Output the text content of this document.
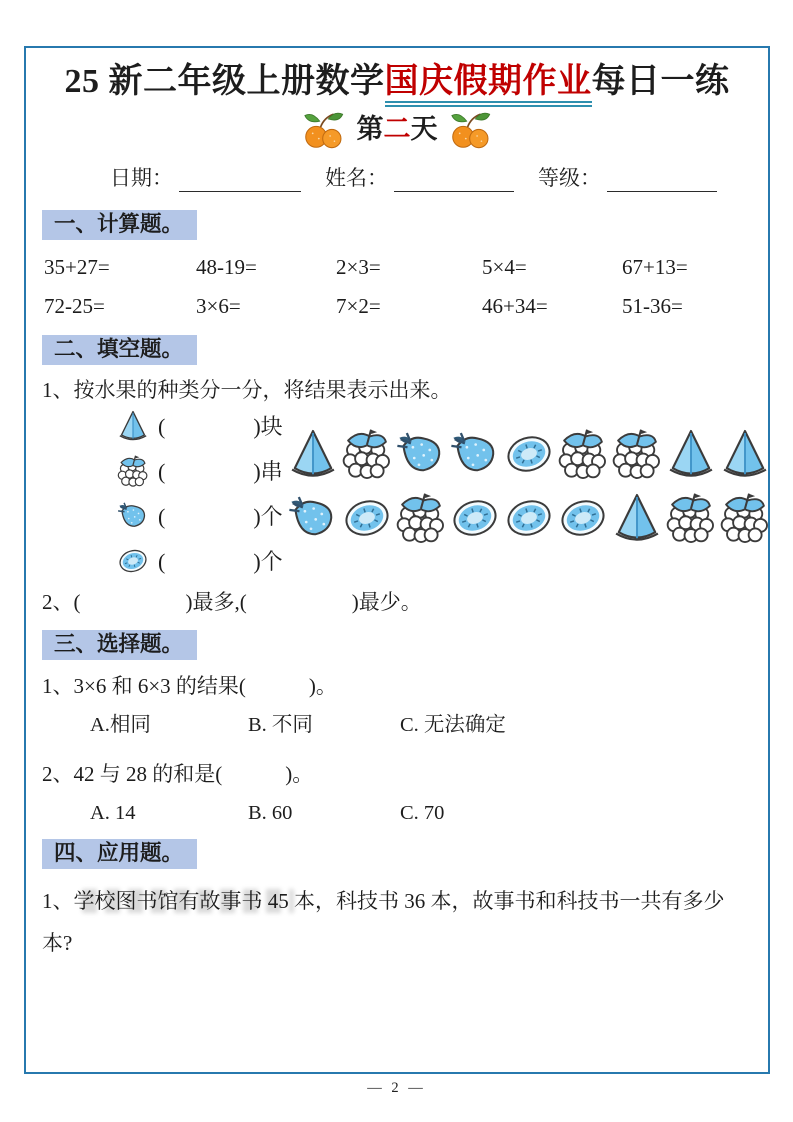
25 新二年级上册数学国庆假期作业每日一练
第二天
日期：	姓名：	等级：
一、计算题。
35+27=	48-19=	2×3=	5×4=	67+13=
72-25=	3×6=	7×2=	46+34=	51-36=
二、填空题。
1、按水果的种类分一分，将结果表示出来。
(　　　　)块
(　　　　)串
(　　　　)个
(　　　　)个
2、(　　　　　)最多,(　　　　　)最少。
三、选择题。
1、3×6 和 6×3 的结果(　　　)。
A.相同	B. 不同	C. 无法确定
2、42 与 28 的和是(　　　)。
A. 14	B. 60	C. 70
四、应用题。
1、学校图书馆有故事书 45 本，科技书 36 本，故事书和科技书一共有多少本?
— 2 —
